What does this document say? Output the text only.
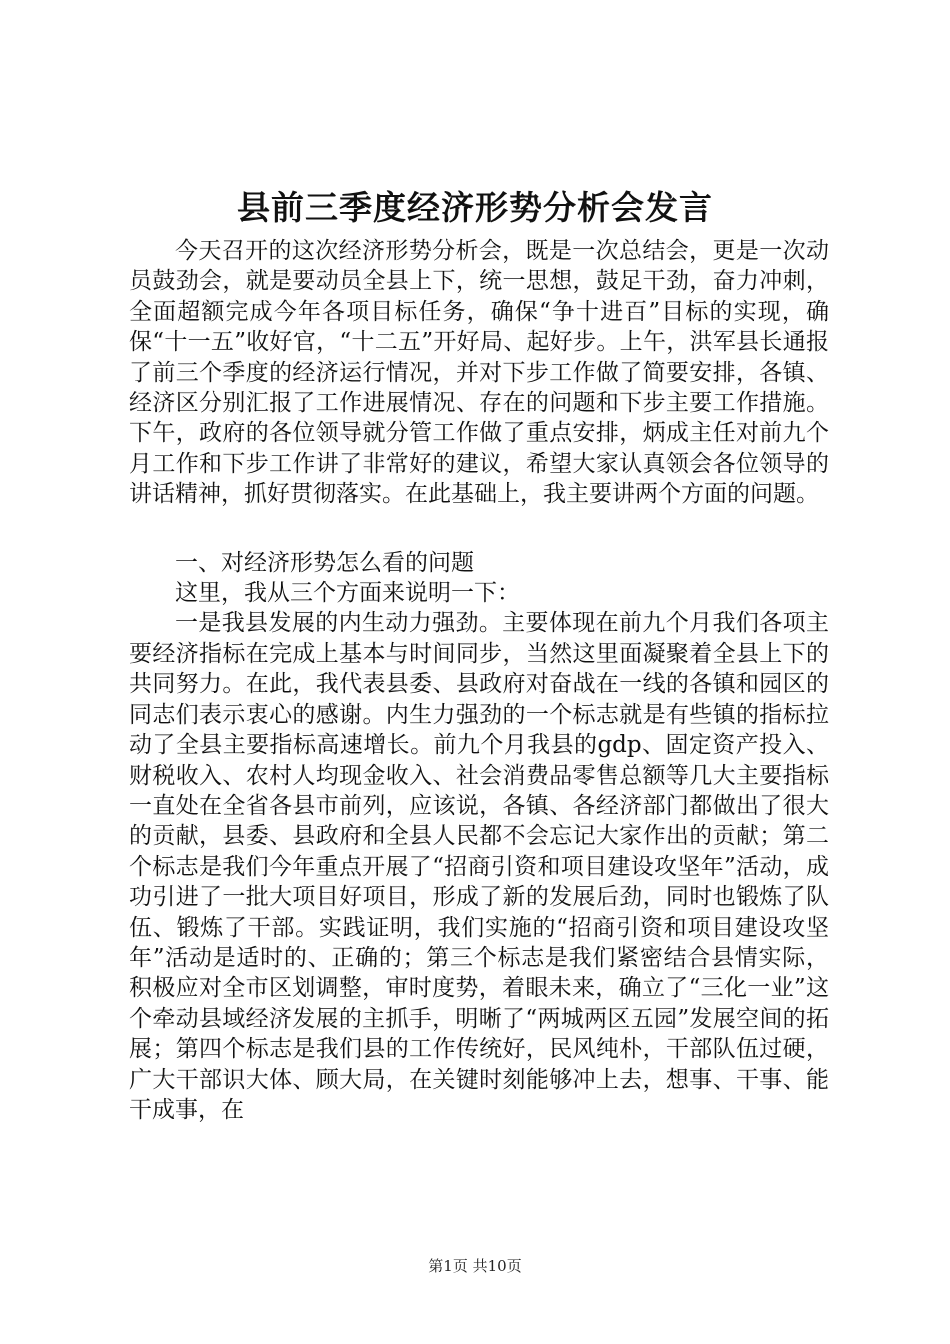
县前三季度经济形势分析会发言

今天召开的这次经济形势分析会，既是一次总结会，更是一次动员鼓劲会，就是要动员全县上下，统一思想，鼓足干劲，奋力冲刺，全面超额完成今年各项目标任务，确保“争十进百”目标的实现，确保“十一五”收好官，“十二五”开好局、起好步。上午，洪军县长通报了前三个季度的经济运行情况，并对下步工作做了简要安排，各镇、经济区分别汇报了工作进展情况、存在的问题和下步主要工作措施。下午，政府的各位领导就分管工作做了重点安排，炳成主任对前九个月工作和下步工作讲了非常好的建议，希望大家认真领会各位领导的讲话精神，抓好贯彻落实。在此基础上，我主要讲两个方面的问题。

一、对经济形势怎么看的问题

这里，我从三个方面来说明一下：

一是我县发展的内生动力强劲。主要体现在前九个月我们各项主要经济指标在完成上基本与时间同步，当然这里面凝聚着全县上下的共同努力。在此，我代表县委、县政府对奋战在一线的各镇和园区的同志们表示衷心的感谢。内生力强劲的一个标志就是有些镇的指标拉动了全县主要指标高速增长。前九个月我县的gdp、固定资产投入、财税收入、农村人均现金收入、社会消费品零售总额等几大主要指标一直处在全省各县市前列，应该说，各镇、各经济部门都做出了很大的贡献，县委、县政府和全县人民都不会忘记大家作出的贡献；第二个标志是我们今年重点开展了“招商引资和项目建设攻坚年”活动，成功引进了一批大项目好项目，形成了新的发展后劲，同时也锻炼了队伍、锻炼了干部。实践证明，我们实施的“招商引资和项目建设攻坚年”活动是适时的、正确的；第三个标志是我们紧密结合县情实际，积极应对全市区划调整，审时度势，着眼未来，确立了“三化一业”这个牵动县域经济发展的主抓手，明晰了“两城两区五园”发展空间的拓展；第四个标志是我们县的工作传统好，民风纯朴，干部队伍过硬，广大干部识大体、顾大局，在关键时刻能够冲上去，想事、干事、能干成事，在

第1页 共10页
